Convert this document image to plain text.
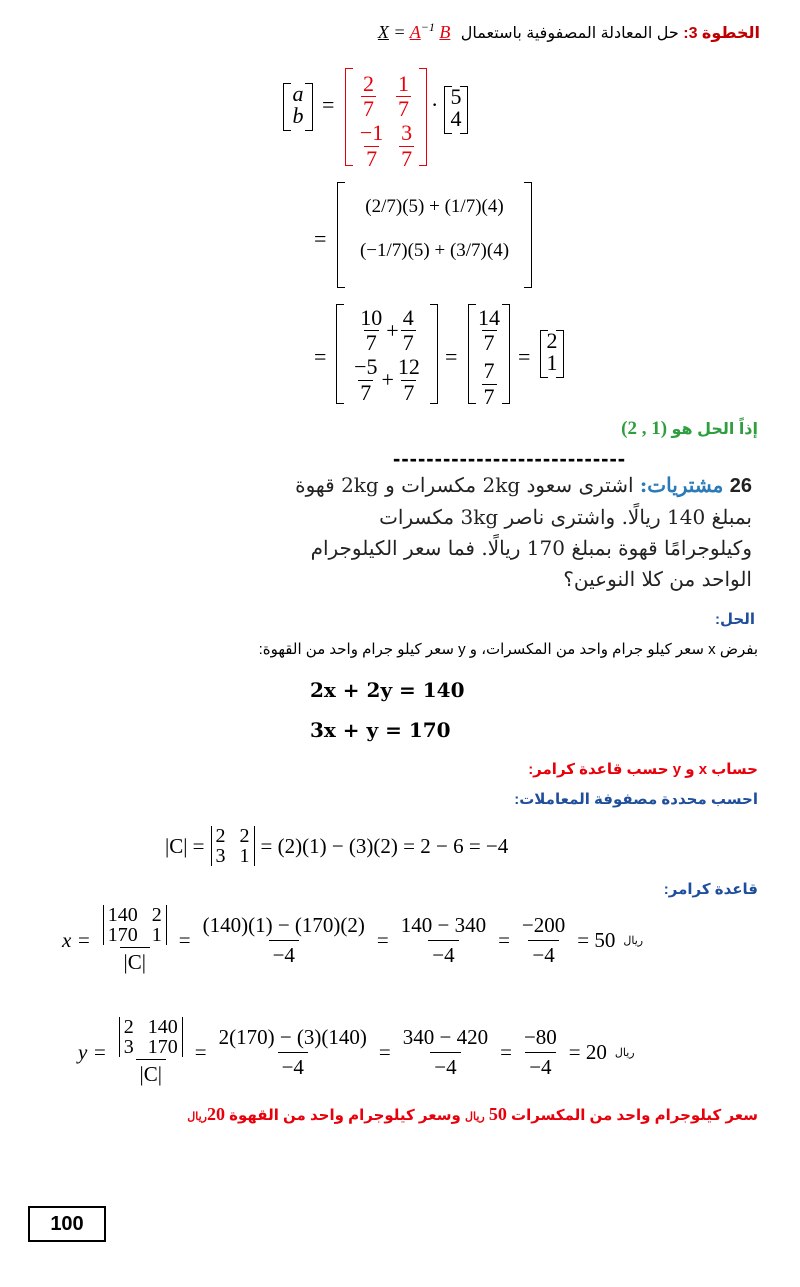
الخطوة 3: حل المعادلة المصفوفية باستعمال $X = A^{-1}$ B
a
$b = \frac{2}{7} \frac{1}{7}$
$\frac{-1}{7} \frac{3}{7}$
· 5
4
=
(2/7)(5) + (1/7)(4)
(−1/7)(5) + (3/7)(4)
=
$\frac{10}{7} + \frac{4}{7}$
$\frac{-5}{7} + \frac{12}{7}$ =
$\frac{14}{7}$
$\frac{7}{7}$
=
2
1
إذاً الحل هو (2 , 1)
----------------------------
26 مشتريات: اشترى سعود 2kg مكسرات و 2kg قهوة بمبلغ 140 ريالًا. واشترى ناصر 3kg مكسرات وكيلوجرامًا قهوة بمبلغ 170 ريالًا. فما سعر الكيلوجرام الواحد من كلا النوعين؟
الحل:
بفرض x سعر كيلو جرام واحد من المكسرات، و y سعر كيلو جرام واحد من القهوة:
2x + 2y = 140
3x + y = 170
حساب x و y حسب قاعدة كرامر:
احسب محددة مصفوفة المعاملات:
|C| = 2 2
3 1 = (2)(1) − (3)(2) = 2 − 6 = −4
قاعدة كرامر:
x = 140 2
170 1
$|C| = \frac{(140)(1) - (170)(2)}{-4} = \frac{140 - 340}{-4} = \frac{-200}{-4} = 50$ ريال
y = 2 140
3 170
$|C| = \frac{2(170) - (3)(140)}{-4} = \frac{340 - 420}{-4} = \frac{-80}{-4} = 20$ ريال
سعر كيلوجرام واحد من المكسرات 50 ريال وسعر كيلوجرام واحد من القهوة 20ريال
100
